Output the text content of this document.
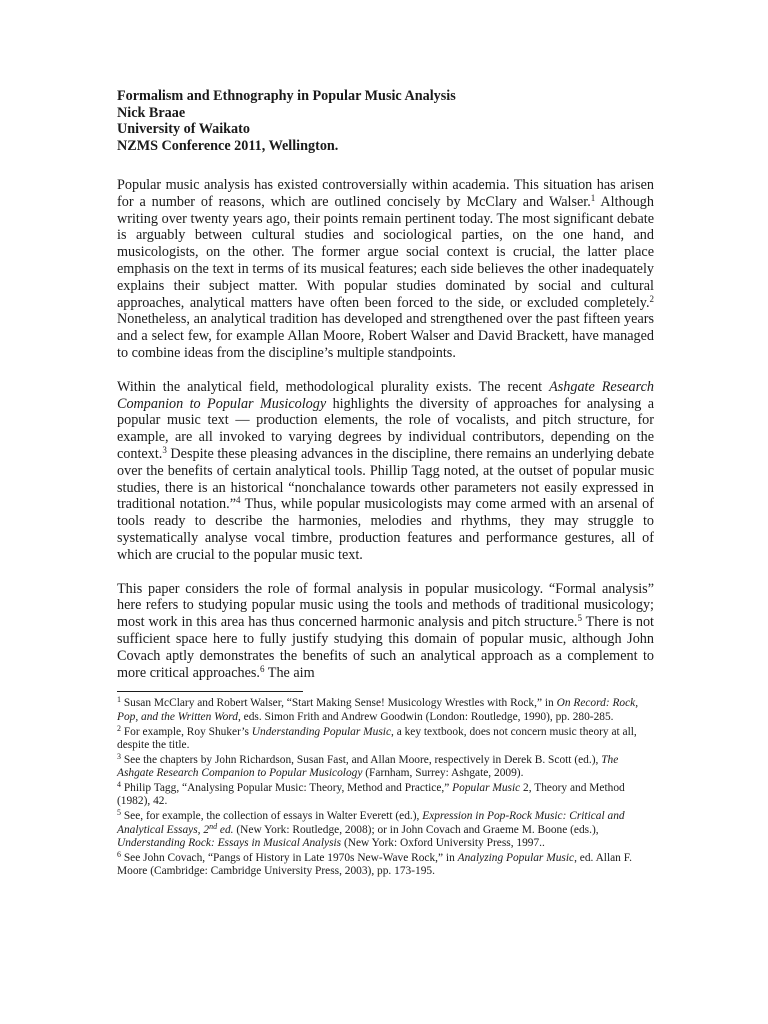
Formalism and Ethnography in Popular Music Analysis
Nick Braae
University of Waikato
NZMS Conference 2011, Wellington.

Popular music analysis has existed controversially within academia. This situation has arisen for a number of reasons, which are outlined concisely by McClary and Walser.$^1$ Although writing over twenty years ago, their points remain pertinent today. The most significant debate is arguably between cultural studies and sociological parties, on the one hand, and musicologists, on the other. The former argue social context is crucial, the latter place emphasis on the text in terms of its musical features; each side believes the other inadequately explains their subject matter. With popular studies dominated by social and cultural approaches, analytical matters have often been forced to the side, or excluded completely.$^2$ Nonetheless, an analytical tradition has developed and strengthened over the past fifteen years and a select few, for example Allan Moore, Robert Walser and David Brackett, have managed to combine ideas from the discipline’s multiple standpoints.

Within the analytical field, methodological plurality exists. The recent Ashgate Research Companion to Popular Musicology highlights the diversity of approaches for analysing a popular music text — production elements, the role of vocalists, and pitch structure, for example, are all invoked to varying degrees by individual contributors, depending on the context.$^3$ Despite these pleasing advances in the discipline, there remains an underlying debate over the benefits of certain analytical tools. Phillip Tagg noted, at the outset of popular music studies, there is an historical “nonchalance towards other parameters not easily expressed in traditional notation.”$^4$ Thus, while popular musicologists may come armed with an arsenal of tools ready to describe the harmonies, melodies and rhythms, they may struggle to systematically analyse vocal timbre, production features and performance gestures, all of which are crucial to the popular music text.

This paper considers the role of formal analysis in popular musicology. “Formal analysis” here refers to studying popular music using the tools and methods of traditional musicology; most work in this area has thus concerned harmonic analysis and pitch structure.$^5$ There is not sufficient space here to fully justify studying this domain of popular music, although John Covach aptly demonstrates the benefits of such an analytical approach as a complement to more critical approaches.$^6$ The aim

$^1$ Susan McClary and Robert Walser, “Start Making Sense! Musicology Wrestles with Rock,” in On Record: Rock, Pop, and the Written Word, eds. Simon Frith and Andrew Goodwin (London: Routledge, 1990), pp. 280-285.

$^2$ For example, Roy Shuker’s Understanding Popular Music, a key textbook, does not concern music theory at all, despite the title.

$^3$ See the chapters by John Richardson, Susan Fast, and Allan Moore, respectively in Derek B. Scott (ed.), The Ashgate Research Companion to Popular Musicology (Farnham, Surrey: Ashgate, 2009).

$^4$ Philip Tagg, “Analysing Popular Music: Theory, Method and Practice,” Popular Music 2, Theory and Method (1982), 42.

$^5$ See, for example, the collection of essays in Walter Everett (ed.), Expression in Pop-Rock Music: Critical and Analytical Essays, 2nd ed. (New York: Routledge, 2008); or in John Covach and Graeme M. Boone (eds.), Understanding Rock: Essays in Musical Analysis (New York: Oxford University Press, 1997..

$^6$ See John Covach, “Pangs of History in Late 1970s New-Wave Rock,” in Analyzing Popular Music, ed. Allan F. Moore (Cambridge: Cambridge University Press, 2003), pp. 173-195.
